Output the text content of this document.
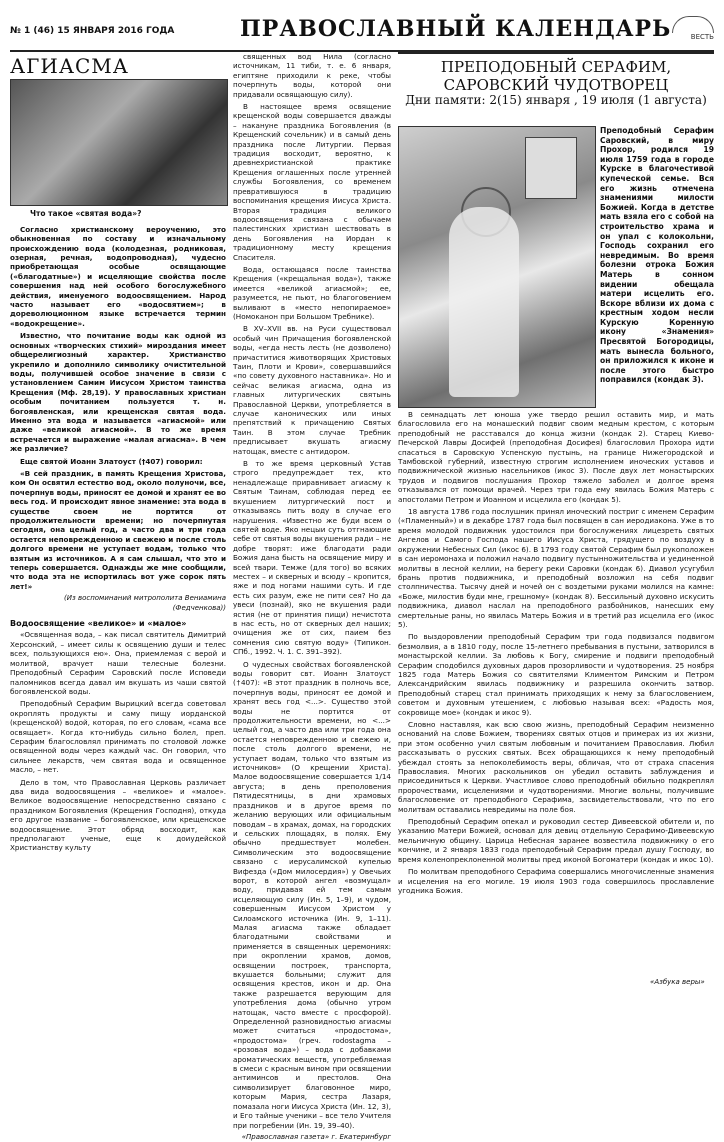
№ 1 (46) 15 ЯНВАРЯ 2016 ГОДА	ПРАВОСЛАВНЫЙ КАЛЕНДАРЬ	ВЕСТЬ
АГИАСМА
Что такое «святая вода»?

Согласно христианскому вероучению, это обыкновенная по составу и изначальному происхождению вода (колодезная, родниковая, озерная, речная, водопроводная), чудесно приобретающая особые освящающие («благодатные») и исцеляющие свойства после совершения над ней особого богослужебного действия, именуемого водоосвящением. Народ часто называет его «водосвятием»; в дореволюционном языке встречается термин «водокрещение».

Известно, что почитание воды как одной из основных «творческих стихий» мироздания имеет общерелигиозный характер. Христианство укрепило и дополнило символику очистительной воды, получившей особое значение в связи с установлением Самим Иисусом Христом таинства Крещения (Мф. 28,19). У православных христиан особым почитанием пользуется т. н. богоявленская, или крещенская святая вода. Именно эта вода и называется «агиасмой» или даже «великой агиасмой». В то же время встречается и выражение «малая агиасма». В чем же различие?

Еще святой Иоанн Златоуст (†407) говорил:

«В сей праздник, в память Крещения Христова, ком Он освятил естество вод, около полуночи, все, почерпнув воды, приносят ее домой и хранят ее во весь год. И происходит явное знамение: эта вода в существе своем не портится от продолжительности времени; но почерпнутая сегодня, она целый год, а часто два и три года остается неповрежденною и свежею и после столь долгого времени не уступает водам, только что взятым из источников. А я сам слышал, что это и теперь совершается. Однажды же мне сообщили, что вода эта не испортилась вот уже сорок пять лет!»

(Из воспоминаний митрополита Вениамина (Федченкова))
Водоосвящение «великое» и «малое»

«Освященная вода, – как писал святитель Димитрий Херсонский, – имеет силы к освящению души и телес всех, пользующихся ею». Она, приемлемая с верой и молитвой, врачует наши телесные болезни. Преподобный Серафим Саровский после Исповеди паломников всегда давал им вкушать из чаши святой богоявленской воды.

Преподобный Серафим Вырицкий всегда советовал окроплять продукты и саму пищу иорданской (крещенской) водой, которая, по его словам, «сама все освящает». Когда кто-нибудь сильно болел, преп. Серафим благословлял принимать по столовой ложке освященной воды через каждый час. Он говорил, что сильнее лекарств, чем святая вода и освященное масло, – нет.

Дело в том, что Православная Церковь различает два вида водоосвящения – «великое» и «малое». Великое водоосвящение непосредственно связано с праздником Богоявления (Крещения Господня), откуда его другое название – богоявленское, или крещенское водоосвящение. Этот обряд восходит, как предполагают ученые, еще к доиудейской Христианству культу

священных вод Нила (согласно источникам, 11 тиби, т. е. 6 января, египтяне приходили к реке, чтобы почерпнуть воды, которой они придавали освящающую силу).

В настоящее время освящение крещенской воды совершается дважды – накануне праздника Богоявления (в Крещенский сочельник) и в самый день праздника после Литургии. Первая традиция восходит, вероятно, к древнехристианской практике Крещения оглашенных после утренней службы Богоявления, со временем превратившуюся в традицию воспоминания крещения Иисуса Христа. Вторая традиция великого водоосвящения связана с обычаем палестинских христиан шествовать в день Богоявления на Иордан к традиционному месту крещения Спасителя.

Вода, остающаяся после таинства Крещения («крещальная вода»), также имеется «великой агиасмой»; ее, разумеется, не пьют, но благоговением выливают в «место непопираемое» (Номоканон при Большом Требнике).

В XV–XVII вв. на Руси существовал особый чин Причащения богоявленской воды, «егда несть лесть (не дозволено) причаститися животворящих Христовых Таин, Плоти и Крови», совершавшийся «по совету духовного наставника». Но и сейчас великая агиасма, одна из главных литургических святынь Православной Церкви, употребляется в случае канонических или иных препятствий к причащению Святых Таин. В этом случае Требник предписывает вкушать агиасму натощак, вместе с антидором.

В то же время церковный Устав строго предупреждает тех, кто ненадлежаще приравнивает агиасму к Святым Таинам, соблюдая перед ее вкушением литургический пост и отказываясь пить воду в случае его нарушения. «Известно же буди всем о святей воде. Яко нецыи суть отгнающие себе от святыя воды вкушения ради – не добре творят: иже благодати ради Божия дана бысть на освящение миру и всей твари. Темже (для того) во всяких местех – и скверных и всюду – кропится, яже и под ногами нашими суть. И где есть сих разум, еже не пити сея? Но да увеси (познай), яко не вкушения ради ястия (не от принятия пищи) нечистота в нас есть, но от скверных дел наших; очищения же от сих, паием без сомнения сию святую воду» (Типикон. СПб., 1992. Ч. 1. С. 391–392).

О чудесных свойствах богоявленской воды говорит свт. Иоанн Златоуст (†407): «В этот праздник в полночь все, почерпнув воды, приносят ее домой и хранят весь год <...>. Существо этой воды не портится от продолжительности времени, но <...> целый год, а часто два или три года она остается неповрежденною и свежею и, после столь долгого времени, не уступает водам, только что взятым из источников» (О крещении Христа). Малое водоосвящение совершается 1/14 августа; в день преполовения Пятидесятницы, в дни храмовых праздников и в другое время по желанию верующих или официальным поводам – в храмах, домах, на городских и сельских площадях, в полях. Ему обычно предшествует молебен. Символическим это водоосвящение связано с иерусалимской купелью Вифезда («Дом милосердия») у Овечьих ворот, в которой ангел «возмущал» воду, придавая ей тем самым исцеляющую силу (Ин. 5, 1–9), и чудом, совершенным Иисусом Христом у Силоамского источника (Ин. 9, 1–11). Малая агиасма также обладает благодатными свойствами и применяется в священных церемониях: при окроплении храмов, домов, освящении построек, транспорта, вкушается больными; служит для освящения крестов, икон и др. Она также разрешается верующим для употребления дома (обычно утром натощак, часто вместе с просфорой). Определенной разновидностью агиасмы может считаться «продостома», «продостома» (греч. rodostagma – «розовая вода») – вода с добавками ароматических веществ, употребляемая в смеси с красным вином при освящении антиминсов и престолов. Она символизирует благовонное миро, которым Мария, сестра Лазаря, помазала ноги Иисуса Христа (Ин. 12, 3), и Его тайные ученики – все тело Учителя при погребении (Ин. 19, 39–40).

«Православная газета» г. Екатеринбург
ПРЕПОДОБНЫЙ СЕРАФИМ, САРОВСКИЙ ЧУДОТВОРЕЦ
Дни памяти: 2(15) января , 19 июля (1 августа)
Преподобный Серафим Саровский, в миру Прохор, родился 19 июля 1759 года в городе Курске в благочестивой купеческой семье. Вся его жизнь отмечена знамениями милости Божией. Когда в детстве мать взяла его с собой на строительство храма и он упал с колокольни, Господь сохранил его невредимым. Во время болезни отрока Божия Матерь в сонном видении обещала матери исцелить его. Вскоре вблизи их дома с крестным ходом несли Курскую Коренную икону «Знамения» Пресвятой Богородицы, мать вынесла больного, он приложился к иконе и после этого быстро поправился (кондак 3).

В семнадцать лет юноша уже твердо решил оставить мир, и мать благословила его на монашеский подвиг своим медным крестом, с которым преподобный не расставался до конца жизни (кондак 2). Старец Киево-Печерской Лавры Досифей (преподобная Досифея) благословил Прохора идти спасаться в Саровскую Успенскую пустынь, на границе Нижегородской и Тамбовской губерний, известную строгим исполнением иноческих уставов и подвижнической жизнью насельников (икос 3). После двух лет монастырских трудов и подвигов послушания Прохор тяжело заболел и долгое время отказывался от помощи врачей. Через три года ему явилась Божия Матерь с апостолами Петром и Иоанном и исцелила его (кондак 5).

18 августа 1786 года послушник принял иноческий постриг с именем Серафим («Пламенный») и в декабре 1787 года был посвящен в сан иеродиакона. Уже в то время молодой подвижник удостоился при богослужениях лицезреть святых Ангелов и Самого Господа нашего Иисуса Христа, грядущего по воздуху в окружении Небесных Сил (икос 6). В 1793 году святой Серафим был рукоположен в сан иеромонаха и положил начало подвигу пустынножительства и уединенной молитвы в лесной келлии, на берегу реки Саровки (кондак 6). Диавол усугубил брань против подвижника, и преподобный возложил на себя подвиг столпничества. Тысячу дней и ночей он с воздетыми руками молился на камне: «Боже, милостив буди мне, грешному» (кондак 8). Бессильный духовно искусить подвижника, диавол наслал на преподобного разбойников, нанесших ему смертельные раны, но явилась Матерь Божия и в третий раз исцелила его (икос 5).

По выздоровлении преподобный Серафим три года подвизался подвигом безмолвия, а в 1810 году, после 15-летнего пребывания в пустыни, затворился в монастырской келлии. За любовь к Богу, смирение и подвиги преподобный Серафим сподобился духовных даров прозорливости и чудотворения. 25 ноября 1825 года Матерь Божия со святителями Климентом Римским и Петром Александрийским явилась подвижнику и разрешила окончить затвор. Преподобный старец стал принимать приходящих к нему за благословением, советом и духовным утешением, с любовью называя всех: «Радость моя, сокровище мое» (кондак и икос 9).

Словно наставляя, как всю свою жизнь, преподобный Серафим неизменно оснований на слове Божием, творениях святых отцов и примерах из их жизни, при этом особенно учил святым любовным и почитанием Православия. Любил рассказывать о русских святых. Всех обращающихся к нему преподобный убеждал стоять за непоколебимость веры, обличая, что от страха спасения Православия. Многих раскольников он убедил оставить заблуждения и присоединиться к Церкви. Участливое слово преподобный обильно подкреплял пророчествами, исцелениями и чудотворениями. Многие вольны, получившие благословение от преподобного Серафима, засвидетельствовали, что по его молитвам оставались невредимы на поле боя.

Преподобный Серафим опекал и руководил сестер Дивеевской обители и, по указанию Матери Божией, основал для девиц отдельную Серафимо-Дивеевскую мельничную общину. Царица Небесная заранее возвестила подвижнику о его кончине, и 2 января 1833 года преподобный Серафим предал душу Господу, во время коленопреклоненной молитвы пред иконой Богоматери (кондак и икос 10).

По молитвам преподобного Серафима совершались многочисленные знамения и исцеления на его могиле. 19 июля 1903 года совершилось прославление угодника Божия.

«Азбука веры»
